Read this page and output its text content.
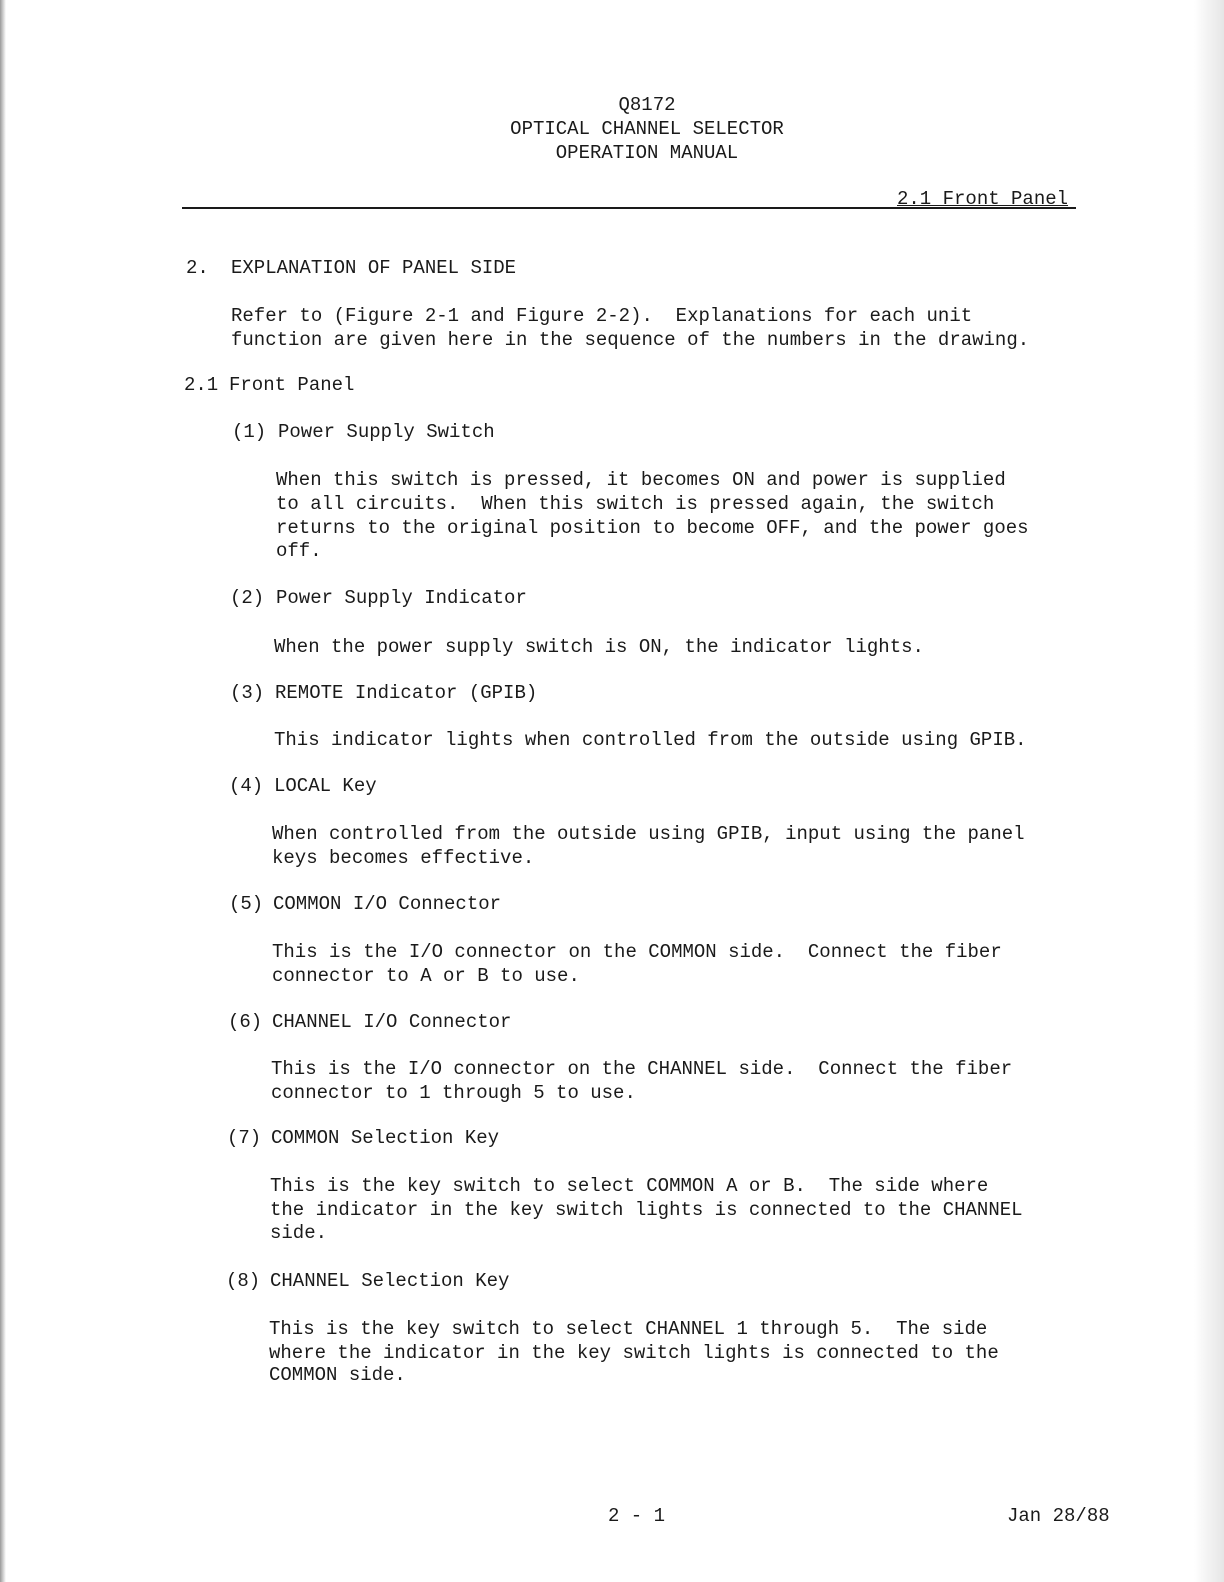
Q8172
OPTICAL CHANNEL SELECTOR
OPERATION MANUAL
2.1 Front Panel
2. EXPLANATION OF PANEL SIDE
Refer to (Figure 2-1 and Figure 2-2).  Explanations for each unit
function are given here in the sequence of the numbers in the drawing.
2.1 Front Panel
(1) Power Supply Switch
When this switch is pressed, it becomes ON and power is supplied
to all circuits.  When this switch is pressed again, the switch
returns to the original position to become OFF, and the power goes
off.
(2) Power Supply Indicator
When the power supply switch is ON, the indicator lights.
(3) REMOTE Indicator (GPIB)
This indicator lights when controlled from the outside using GPIB.
(4) LOCAL Key
When controlled from the outside using GPIB, input using the panel
keys becomes effective.
(5) COMMON I/O Connector
This is the I/O connector on the COMMON side.  Connect the fiber
connector to A or B to use.
(6) CHANNEL I/O Connector
This is the I/O connector on the CHANNEL side.  Connect the fiber
connector to 1 through 5 to use.
(7) COMMON Selection Key
This is the key switch to select COMMON A or B.  The side where
the indicator in the key switch lights is connected to the CHANNEL
side.
(8) CHANNEL Selection Key
This is the key switch to select CHANNEL 1 through 5.  The side
where the indicator in the key switch lights is connected to the
COMMON side.
2 - 1	Jan 28/88
